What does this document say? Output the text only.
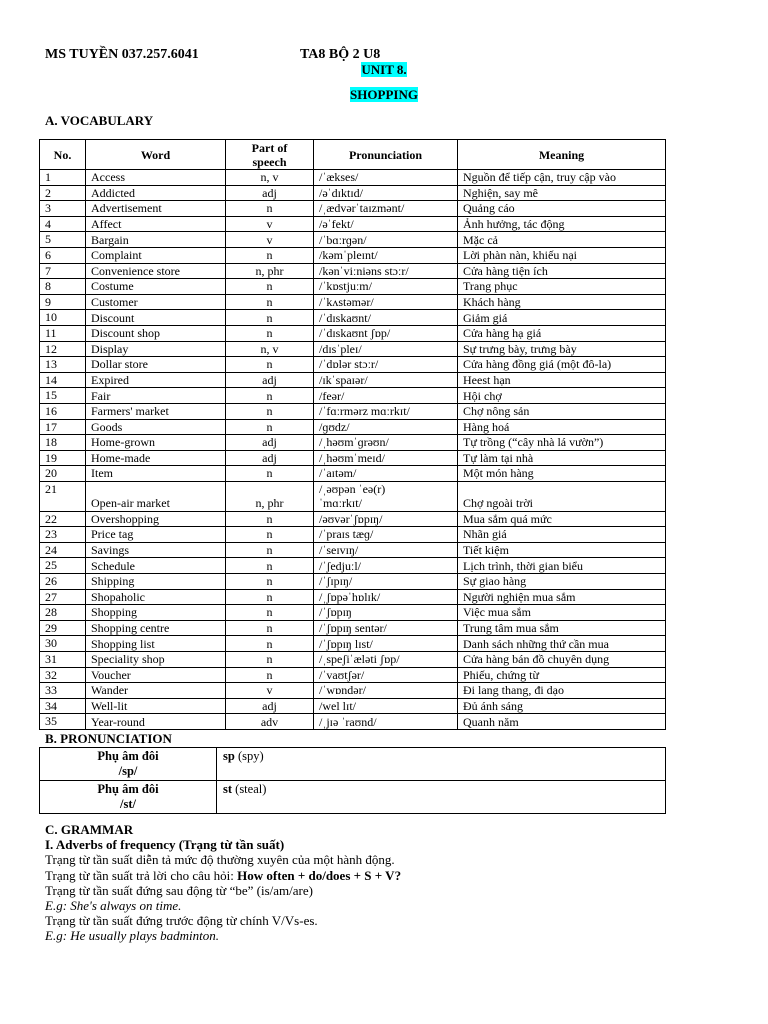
MS TUYỀN 037.257.6041	TA8 BỘ 2 U8
UNIT 8.
SHOPPING
A. VOCABULARY
No.	Word	Part of speech	Pronunciation	Meaning
1	Access	n, v	/ˈækses/	Nguồn để tiếp cận, truy cập vào
2	Addicted	adj	/əˈdɪktɪd/	Nghiện, say mê
3	Advertisement	n	/ˌædvərˈtaɪzmənt/	Quảng cáo
4	Affect	v	/əˈfekt/	Ảnh hưởng, tác động
5	Bargain	v	/ˈbɑːrɡən/	Mặc cả
6	Complaint	n	/kəmˈpleɪnt/	Lời phàn nàn, khiếu nại
7	Convenience store	n, phr	/kənˈviːniəns stɔːr/	Cửa hàng tiện ích
8	Costume	n	/ˈkɒstjuːm/	Trang phục
9	Customer	n	/ˈkʌstəmər/	Khách hàng
10	Discount	n	/ˈdɪskaʊnt/	Giảm giá
11	Discount shop	n	/ˈdɪskaʊnt ʃɒp/	Cửa hàng hạ giá
12	Display	n, v	/dɪsˈpleɪ/	Sự trưng bày, trưng bày
13	Dollar store	n	/ˈdɒlər stɔːr/	Cửa hàng đồng giá (một đô-la)
14	Expired	adj	/ɪkˈspaɪər/	Heest hạn
15	Fair	n	/feər/	Hội chợ
16	Farmers' market	n	/ˈfɑːrmərz mɑːrkɪt/	Chợ nông sản
17	Goods	n	/ɡʊdz/	Hàng hoá
18	Home-grown	adj	/ˌhəʊmˈɡrəʊn/	Tự trồng (“cây nhà lá vườn”)
19	Home-made	adj	/ˌhəʊmˈmeɪd/	Tự làm tại nhà
20	Item	n	/ˈaɪtəm/	Một món hàng
21	Open-air market	n, phr	/ˌəʊpən ˈeə(r)
ˈmɑːrkɪt/	Chợ ngoài trời
22	Overshopping	n	/əʊvərˈʃɒpɪŋ/	Mua sắm quá mức
23	Price tag	n	/ˈpraɪs tæɡ/	Nhãn giá
24	Savings	n	/ˈseɪvɪŋ/	Tiết kiệm
25	Schedule	n	/ˈʃedjuːl/	Lịch trình, thời gian biểu
26	Shipping	n	/ˈʃɪpɪŋ/	Sự giao hàng
27	Shopaholic	n	/ˌʃɒpəˈhɒlɪk/	Người nghiện mua sắm
28	Shopping	n	/ˈʃɒpɪŋ	Việc mua sắm
29	Shopping centre	n	/ˈʃɒpɪŋ sentər/	Trung tâm mua sắm
30	Shopping list	n	/ˈʃɒpɪŋ lɪst/	Danh sách những thứ cần mua
31	Speciality shop	n	/ˌspeʃiˈæləti ʃɒp/	Cửa hàng bán đồ chuyên dụng
32	Voucher	n	/ˈvaʊtʃər/	Phiếu, chứng từ
33	Wander	v	/ˈwɒndər/	Đi lang thang, đi dạo
34	Well-lit	adj	/wel lɪt/	Đủ ánh sáng
35	Year-round	adv	/ˌjɪə ˈraʊnd/	Quanh năm
B. PRONUNCIATION
Phụ âm đôi
/sp/	sp (spy)

Phụ âm đôi
/st/	st (steal)
C. GRAMMAR
I. Adverbs of frequency (Trạng từ tần suất)
Trạng từ tần suất diễn tả mức độ thường xuyên của một hành động.
Trạng từ tần suất trả lời cho câu hỏi: How often + do/does + S + V?
Trạng từ tần suất đứng sau động từ “be” (is/am/are)
E.g: She's always on time.
Trạng từ tần suất đứng trước động từ chính V/Vs-es.
E.g: He usually plays badminton.
